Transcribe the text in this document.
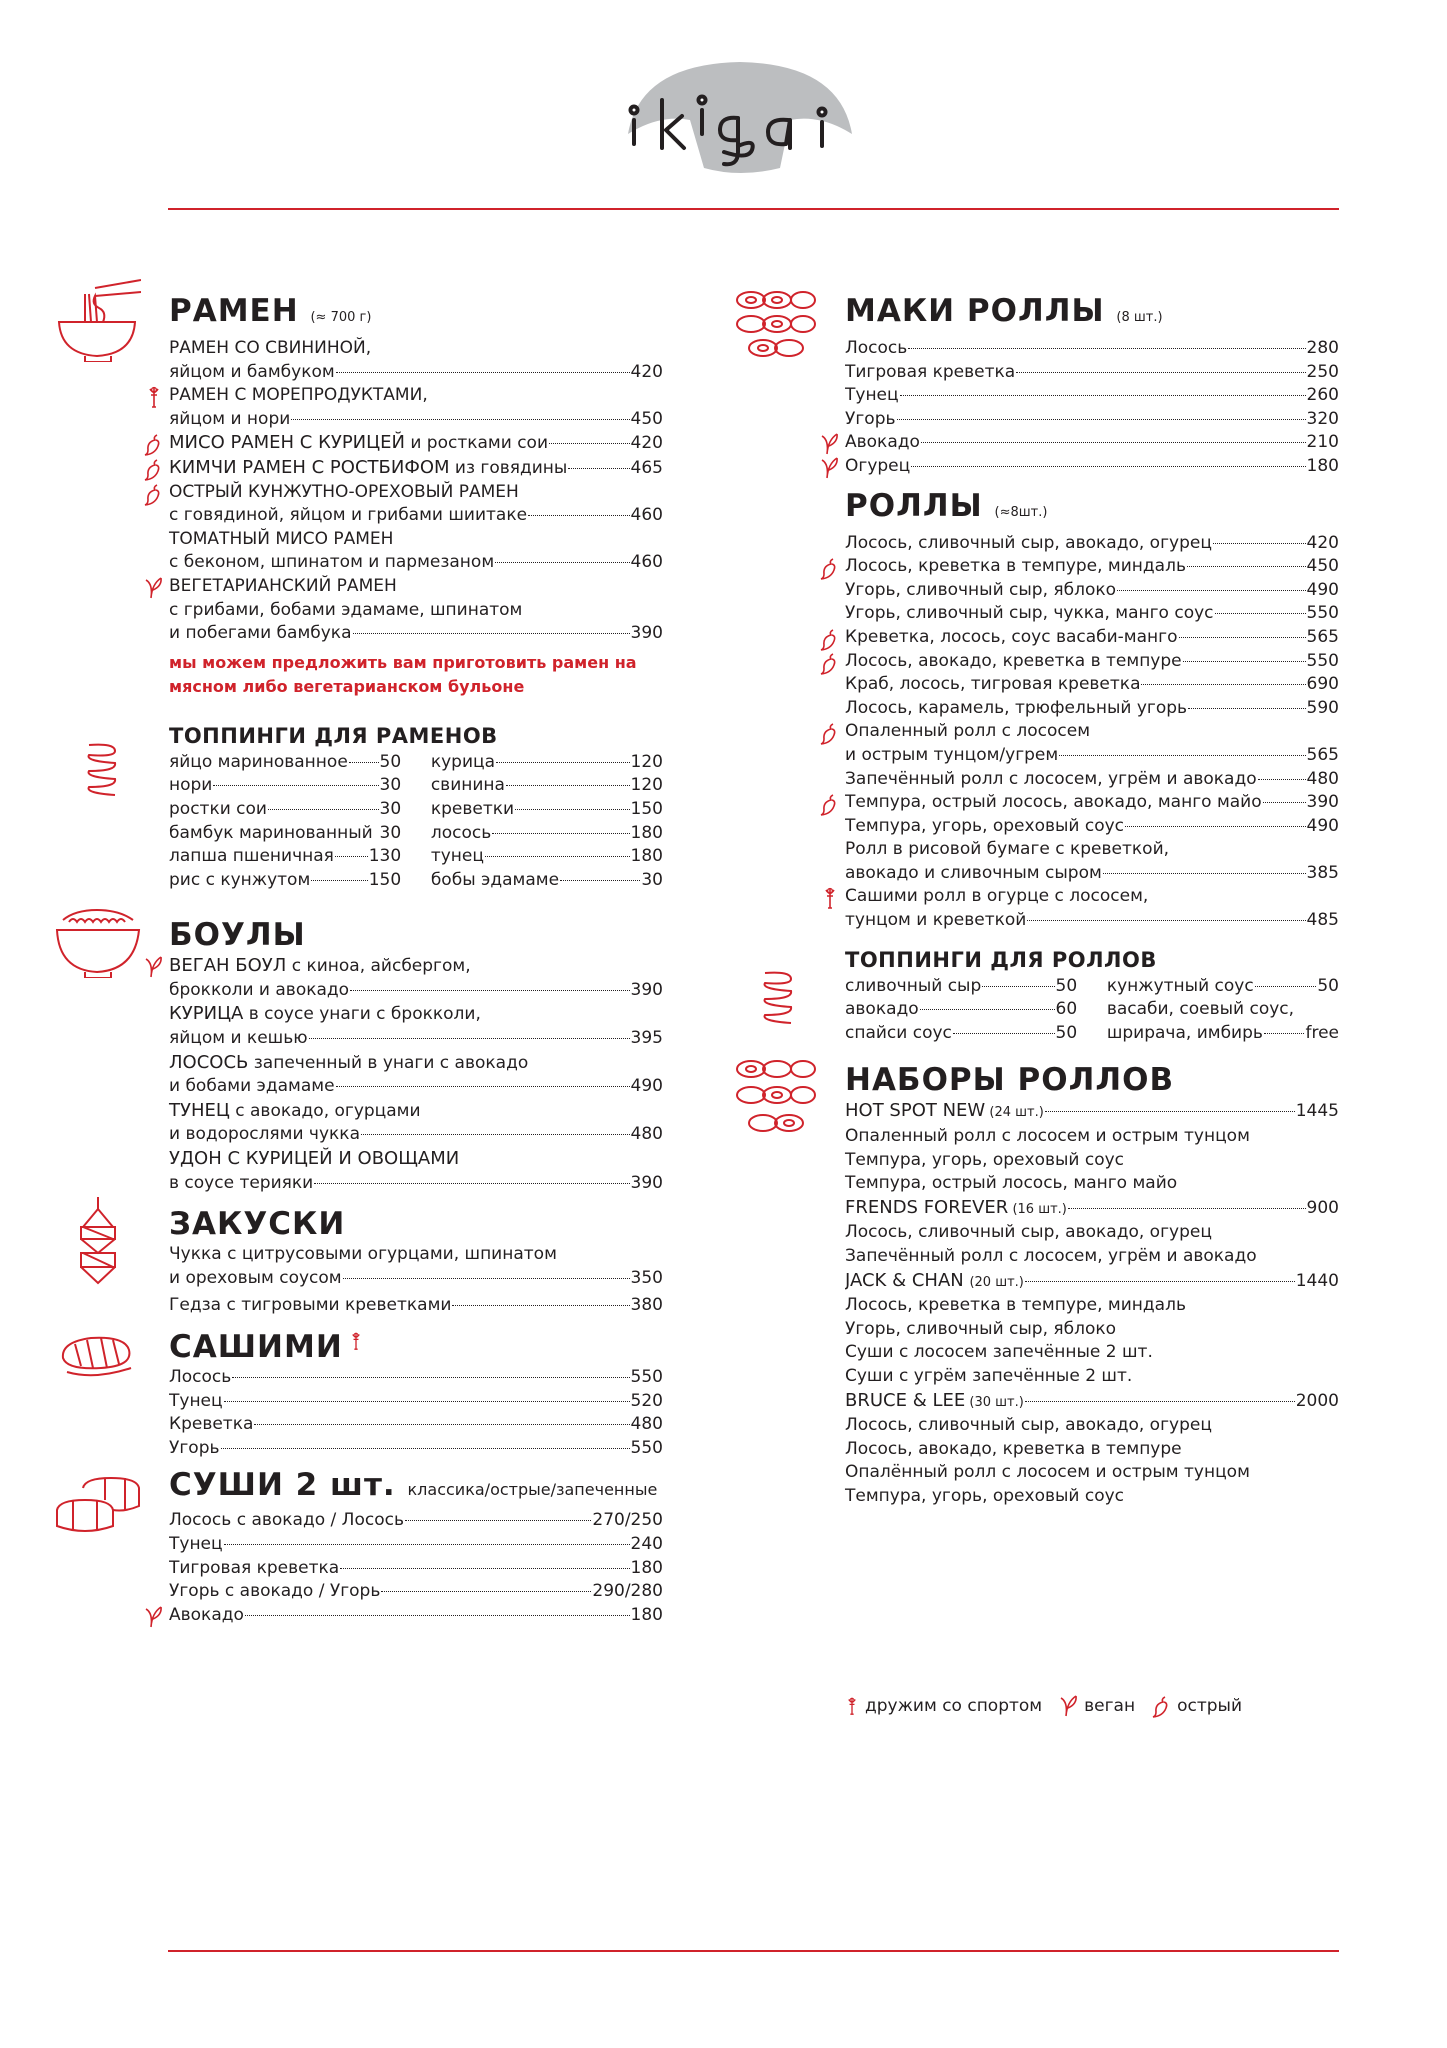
РАМЕН (≈ 700 г)
РАМЕН СО СВИНИНОЙ,
яйцом и бамбуком	420
РАМЕН С МОРЕПРОДУКТАМИ,
яйцом и нори	450
МИСО РАМЕН С КУРИЦЕЙ и ростками сои	420
КИМЧИ РАМЕН С РОСТБИФОМ из говядины	465
ОСТРЫЙ КУНЖУТНО-ОРЕХОВЫЙ РАМЕН
с говядиной, яйцом и грибами шиитаке	460
ТОМАТНЫЙ МИСО РАМЕН
с беконом, шпинатом и пармезаном	460
ВЕГЕТАРИАНСКИЙ РАМЕН
с грибами, бобами эдамаме, шпинатом
и побегами бамбука	390
мы можем предложить вам приготовить рамен на
мясном либо вегетарианском бульоне
ТОППИНГИ ДЛЯ РАМЕНОВ
яйцо маринованное 50
нори	30
ростки сои	30
бамбук маринованный 30
лапша пшеничная 130
рис с кунжутом	150
курица	120
свинина	120
креветки	150
лосось	180
тунец	180
бобы эдамаме	30
БОУЛЫ
ВЕГАН БОУЛ с киноа, айсбергом,
брокколи и авокадо	390
КУРИЦА в соусе унаги с брокколи,
яйцом и кешью	395
ЛОСОСЬ запеченный в унаги с авокадо
и бобами эдамаме	490
ТУНЕЦ с авокадо, огурцами
и водорослями чукка	480
УДОН С КУРИЦЕЙ И ОВОЩАМИ
в соусе терияки	390
ЗАКУСКИ
Чукка с цитрусовыми огурцами, шпинатом
и ореховым соусом	350
Гедза с тигровыми креветками	380
САШИМИ
Лосось	550
Тунец	520
Креветка	480
Угорь	550
СУШИ 2 шт. классика/острые/запеченные
Лосось с авокадо / Лосось	270/250
Тунец	240
Тигровая креветка	180
Угорь с авокадо / Угорь	290/280
Авокадо	180
МАКИ РОЛЛЫ (8 шт.)
Лосось	280
Тигровая креветка	250
Тунец	260
Угорь	320
Авокадо	210
Огурец	180
РОЛЛЫ (≈8шт.)
Лосось, сливочный сыр, авокадо, огурец	420
Лосось, креветка в темпуре, миндаль	450
Угорь, сливочный сыр, яблоко	490
Угорь, сливочный сыр, чукка, манго соус	550
Креветка, лосось, соус васаби-манго	565
Лосось, авокадо, креветка в темпуре	550
Краб, лосось, тигровая креветка	690
Лосось, карамель, трюфельный угорь	590
Опаленный ролл с лососем
и острым тунцом/угрем	565
Запечённый ролл с лососем, угрём и авокадо	480
Темпура, острый лосось, авокадо, манго майо	390
Темпура, угорь, ореховый соус	490
Ролл в рисовой бумаге с креветкой,
авокадо и сливочным сыром	385
Сашими ролл в огурце с лососем,
тунцом и креветкой	485
ТОППИНГИ ДЛЯ РОЛЛОВ
сливочный сыр	50
авокадо	60
спайси соус	50
кунжутный соус	50
васаби, соевый соус,
шрирача, имбирь	free
НАБОРЫ РОЛЛОВ
HOT SPOT NEW (24 шт.)	1445
Опаленный ролл с лососем и острым тунцом
Темпура, угорь, ореховый соус
Темпура, острый лосось, манго майо
FRENDS FOREVER (16 шт.)	900
Лосось, сливочный сыр, авокадо, огурец
Запечённый ролл с лососем, угрём и авокадо
JACK & CHAN (20 шт.)	1440
Лосось, креветка в темпуре, миндаль
Угорь, сливочный сыр, яблоко
Суши с лососем запечённые 2 шт.
Суши с угрём запечённые 2 шт.
BRUCE & LEE (30 шт.)	2000
Лосось, сливочный сыр, авокадо, огурец
Лосось, авокадо, креветка в темпуре
Опалённый ролл с лососем и острым тунцом
Темпура, угорь, ореховый соус
дружим со спортом веган острый
